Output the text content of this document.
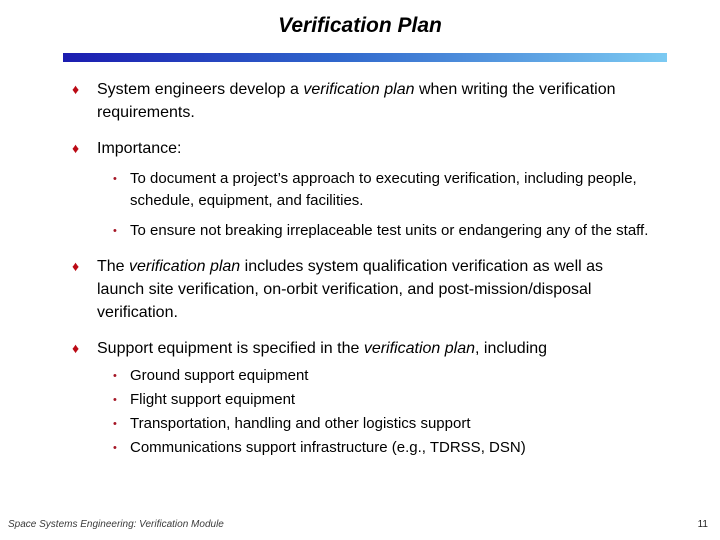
Verification Plan
♦	System engineers develop a verification plan when writing the verification requirements.
♦	Importance:
• To document a project’s approach to executing verification, including people, schedule, equipment, and facilities.
• To ensure not breaking irreplaceable test units or endangering any of the staff.
♦	The verification plan includes system qualification verification as well as launch site verification, on-orbit verification, and post-mission/disposal verification.
♦	Support equipment is specified in the verification plan, including
• Ground support equipment
• Flight support equipment
• Transportation, handling and other logistics support
• Communications support infrastructure (e.g., TDRSS, DSN)
Space Systems Engineering: Verification Module	11
